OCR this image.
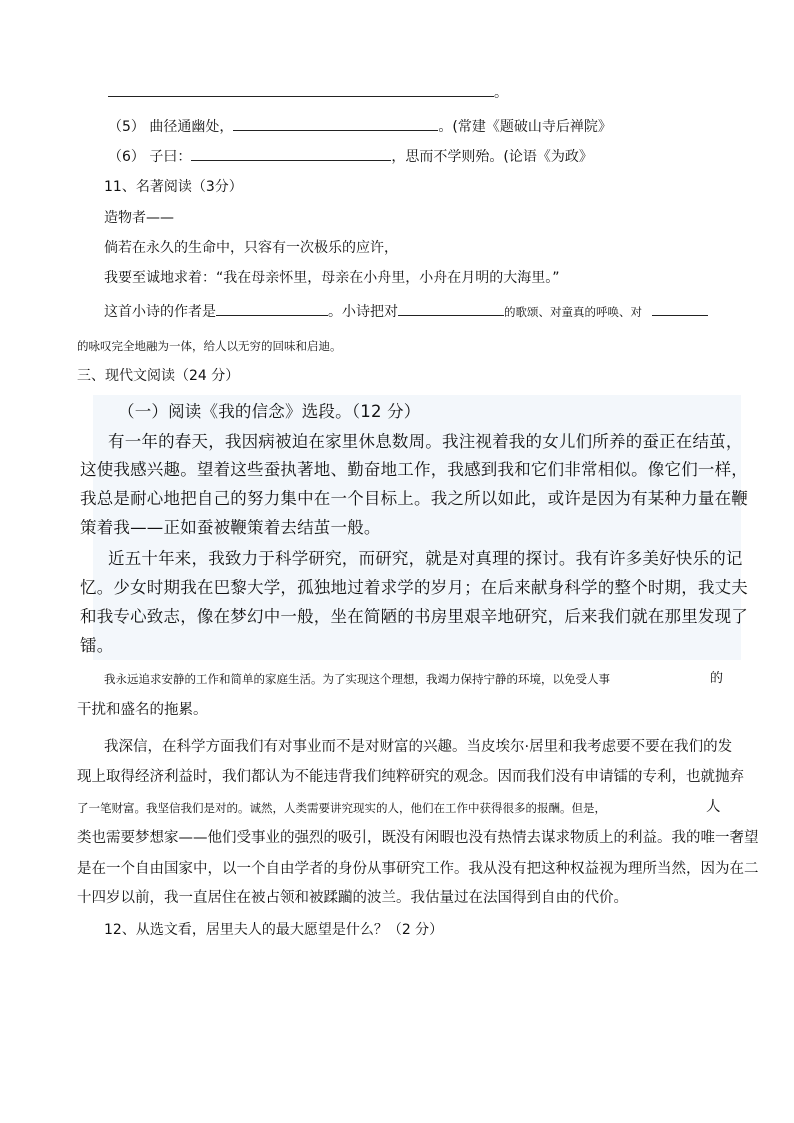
。
（5） 曲径通幽处，	。(常建《题破山寺后禅院》
（6） 子曰：	，思而不学则殆。(论语《为政》
11、名著阅读（3分）
造物者——
倘若在永久的生命中，只容有一次极乐的应许，
我要至诚地求着：“我在母亲怀里，母亲在小舟里，小舟在月明的大海里。”
这首小诗的作者是	。小诗把对	的歌颂、对童真的呼唤、对
的咏叹完全地融为一体，给人以无穷的回味和启迪。
三、现代文阅读（24 分）
（一）阅读《我的信念》选段。（12 分）
有一年的春天，我因病被迫在家里休息数周。我注视着我的女儿们所养的蚕正在结茧，
这使我感兴趣。望着这些蚕执著地、勤奋地工作，我感到我和它们非常相似。像它们一样，
我总是耐心地把自己的努力集中在一个目标上。我之所以如此，或许是因为有某种力量在鞭
策着我——正如蚕被鞭策着去结茧一般。
近五十年来，我致力于科学研究，而研究，就是对真理的探讨。我有许多美好快乐的记
忆。少女时期我在巴黎大学，孤独地过着求学的岁月；在后来献身科学的整个时期，我丈夫
和我专心致志，像在梦幻中一般，坐在简陋的书房里艰辛地研究，后来我们就在那里发现了
镭。
我永远追求安静的工作和简单的家庭生活。为了实现这个理想，我竭力保持宁静的环境，以免受人事	的
干扰和盛名的拖累。
我深信，在科学方面我们有对事业而不是对财富的兴趣。当皮埃尔·居里和我考虑要不要在我们的发
现上取得经济利益时，我们都认为不能违背我们纯粹研究的观念。因而我们没有申请镭的专利，也就抛弃
了一笔财富。我坚信我们是对的。诚然，人类需要讲究现实的人，他们在工作中获得很多的报酬。但是，	人
类也需要梦想家——他们受事业的强烈的吸引，既没有闲暇也没有热情去谋求物质上的利益。我的唯一奢望
是在一个自由国家中，以一个自由学者的身份从事研究工作。我从没有把这种权益视为理所当然，因为在二
十四岁以前，我一直居住在被占领和被蹂躏的波兰。我估量过在法国得到自由的代价。
12、从选文看，居里夫人的最大愿望是什么？（2 分）
